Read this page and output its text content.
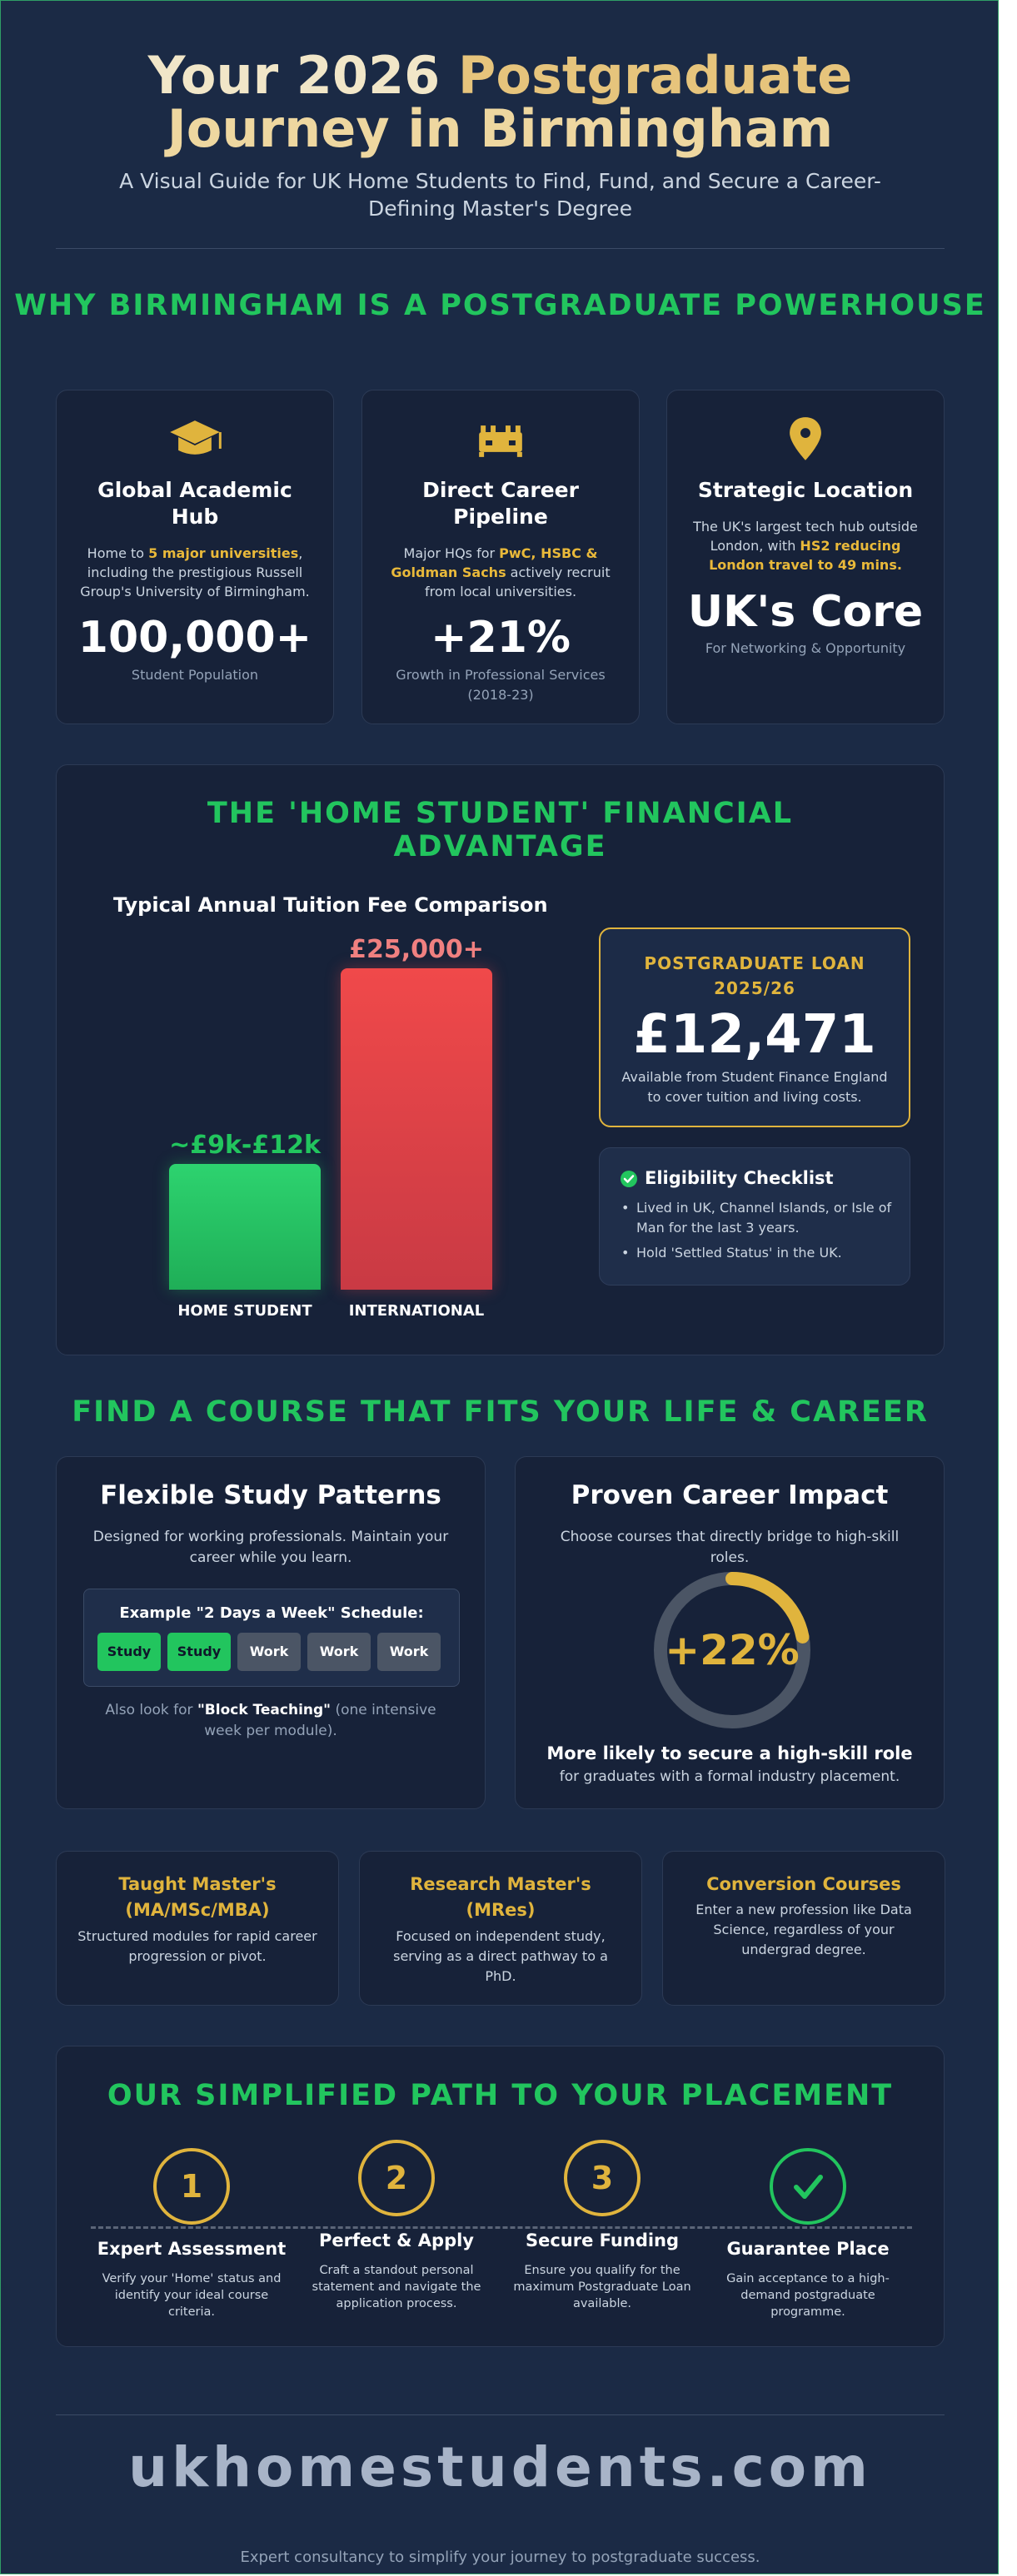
Your 2026 Postgraduate
Journey in Birmingham
A Visual Guide for UK Home Students to Find, Fund, and Secure a Career-Defining Master's Degree
WHY BIRMINGHAM IS A POSTGRADUATE POWERHOUSE
Global Academic Hub
Home to 5 major universities, including the prestigious Russell Group's University of Birmingham.
100,000+
Student Population
Direct Career Pipeline
Major HQs for PwC, HSBC & Goldman Sachs actively recruit from local universities.
+21%
Growth in Professional Services (2018-23)
Strategic Location
The UK's largest tech hub outside London, with HS2 reducing London travel to 49 mins.
UK's Core
For Networking & Opportunity
THE 'HOME STUDENT' FINANCIAL ADVANTAGE
Typical Annual Tuition Fee Comparison
~£9k-£12k
£25,000+
HOME STUDENT	INTERNATIONAL
POSTGRADUATE LOAN 2025/26
£12,471
Available from Student Finance England to cover tuition and living costs.
Eligibility Checklist
• Lived in UK, Channel Islands, or Isle of Man for the last 3 years.
• Hold 'Settled Status' in the UK.
FIND A COURSE THAT FITS YOUR LIFE & CAREER
Flexible Study Patterns
Designed for working professionals. Maintain your career while you learn.
Example "2 Days a Week" Schedule:
Study	Study	Work	Work	Work
Also look for "Block Teaching" (one intensive week per module).
Proven Career Impact
Choose courses that directly bridge to high-skill roles.
+22%
More likely to secure a high-skill role
for graduates with a formal industry placement.
Taught Master's (MA/MSc/MBA)
Structured modules for rapid career progression or pivot.
Research Master's (MRes)
Focused on independent study, serving as a direct pathway to a PhD.
Conversion Courses
Enter a new profession like Data Science, regardless of your undergrad degree.
OUR SIMPLIFIED PATH TO YOUR PLACEMENT
1	2	3
Expert Assessment	Perfect & Apply	Secure Funding	Guarantee Place
Verify your 'Home' status and identify your ideal course criteria.
Craft a standout personal statement and navigate the application process.
Ensure you qualify for the maximum Postgraduate Loan available.
Gain acceptance to a high-demand postgraduate programme.
ukhomestudents.com
Expert consultancy to simplify your journey to postgraduate success.
